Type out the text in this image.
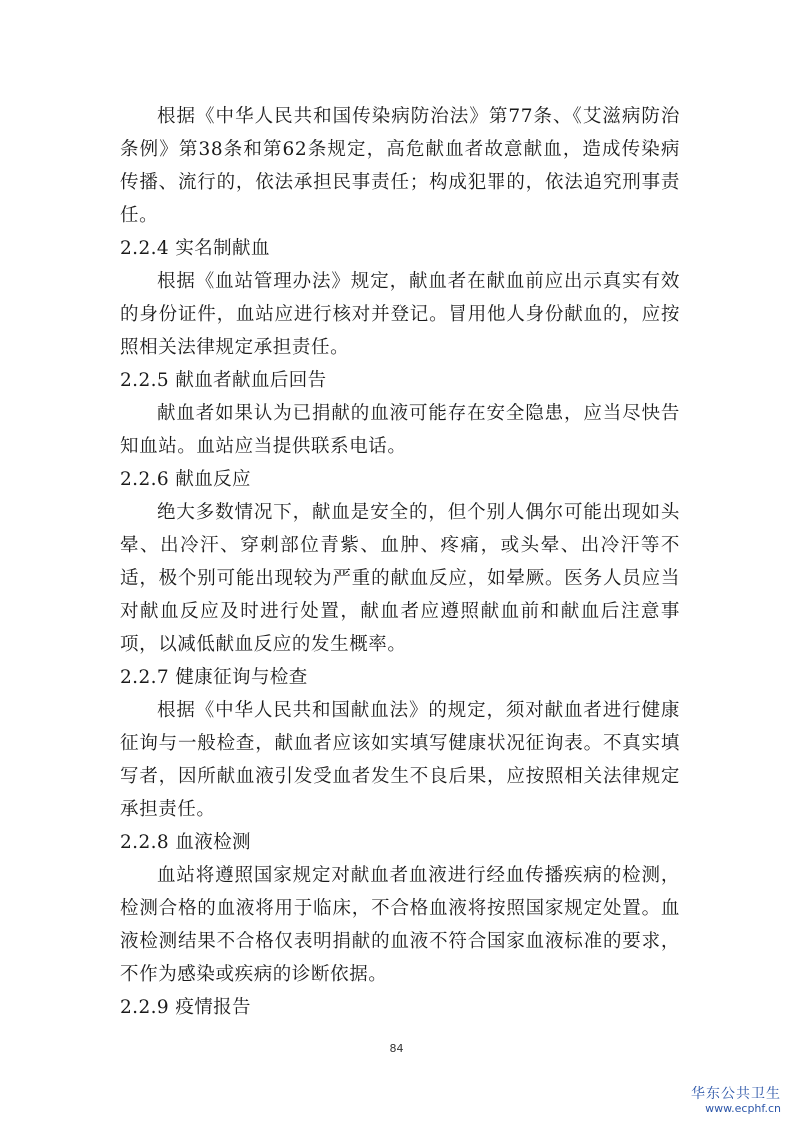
根据《中华人民共和国传染病防治法》第77条、《艾滋病防治条例》第38条和第62条规定，高危献血者故意献血，造成传染病传播、流行的，依法承担民事责任；构成犯罪的，依法追究刑事责任。

2.2.4 实名制献血

根据《血站管理办法》规定，献血者在献血前应出示真实有效的身份证件，血站应进行核对并登记。冒用他人身份献血的，应按照相关法律规定承担责任。

2.2.5 献血者献血后回告

献血者如果认为已捐献的血液可能存在安全隐患，应当尽快告知血站。血站应当提供联系电话。

2.2.6 献血反应

绝大多数情况下，献血是安全的，但个别人偶尔可能出现如头晕、出冷汗、穿刺部位青紫、血肿、疼痛，或头晕、出冷汗等不适，极个别可能出现较为严重的献血反应，如晕厥。医务人员应当对献血反应及时进行处置，献血者应遵照献血前和献血后注意事项，以减低献血反应的发生概率。

2.2.7 健康征询与检查

根据《中华人民共和国献血法》的规定，须对献血者进行健康征询与一般检查，献血者应该如实填写健康状况征询表。不真实填写者，因所献血液引发受血者发生不良后果，应按照相关法律规定承担责任。

2.2.8 血液检测

血站将遵照国家规定对献血者血液进行经血传播疾病的检测，检测合格的血液将用于临床，不合格血液将按照国家规定处置。血液检测结果不合格仅表明捐献的血液不符合国家血液标准的要求，不作为感染或疾病的诊断依据。

2.2.9 疫情报告

84
华东公共卫生
www.ecphf.cn
